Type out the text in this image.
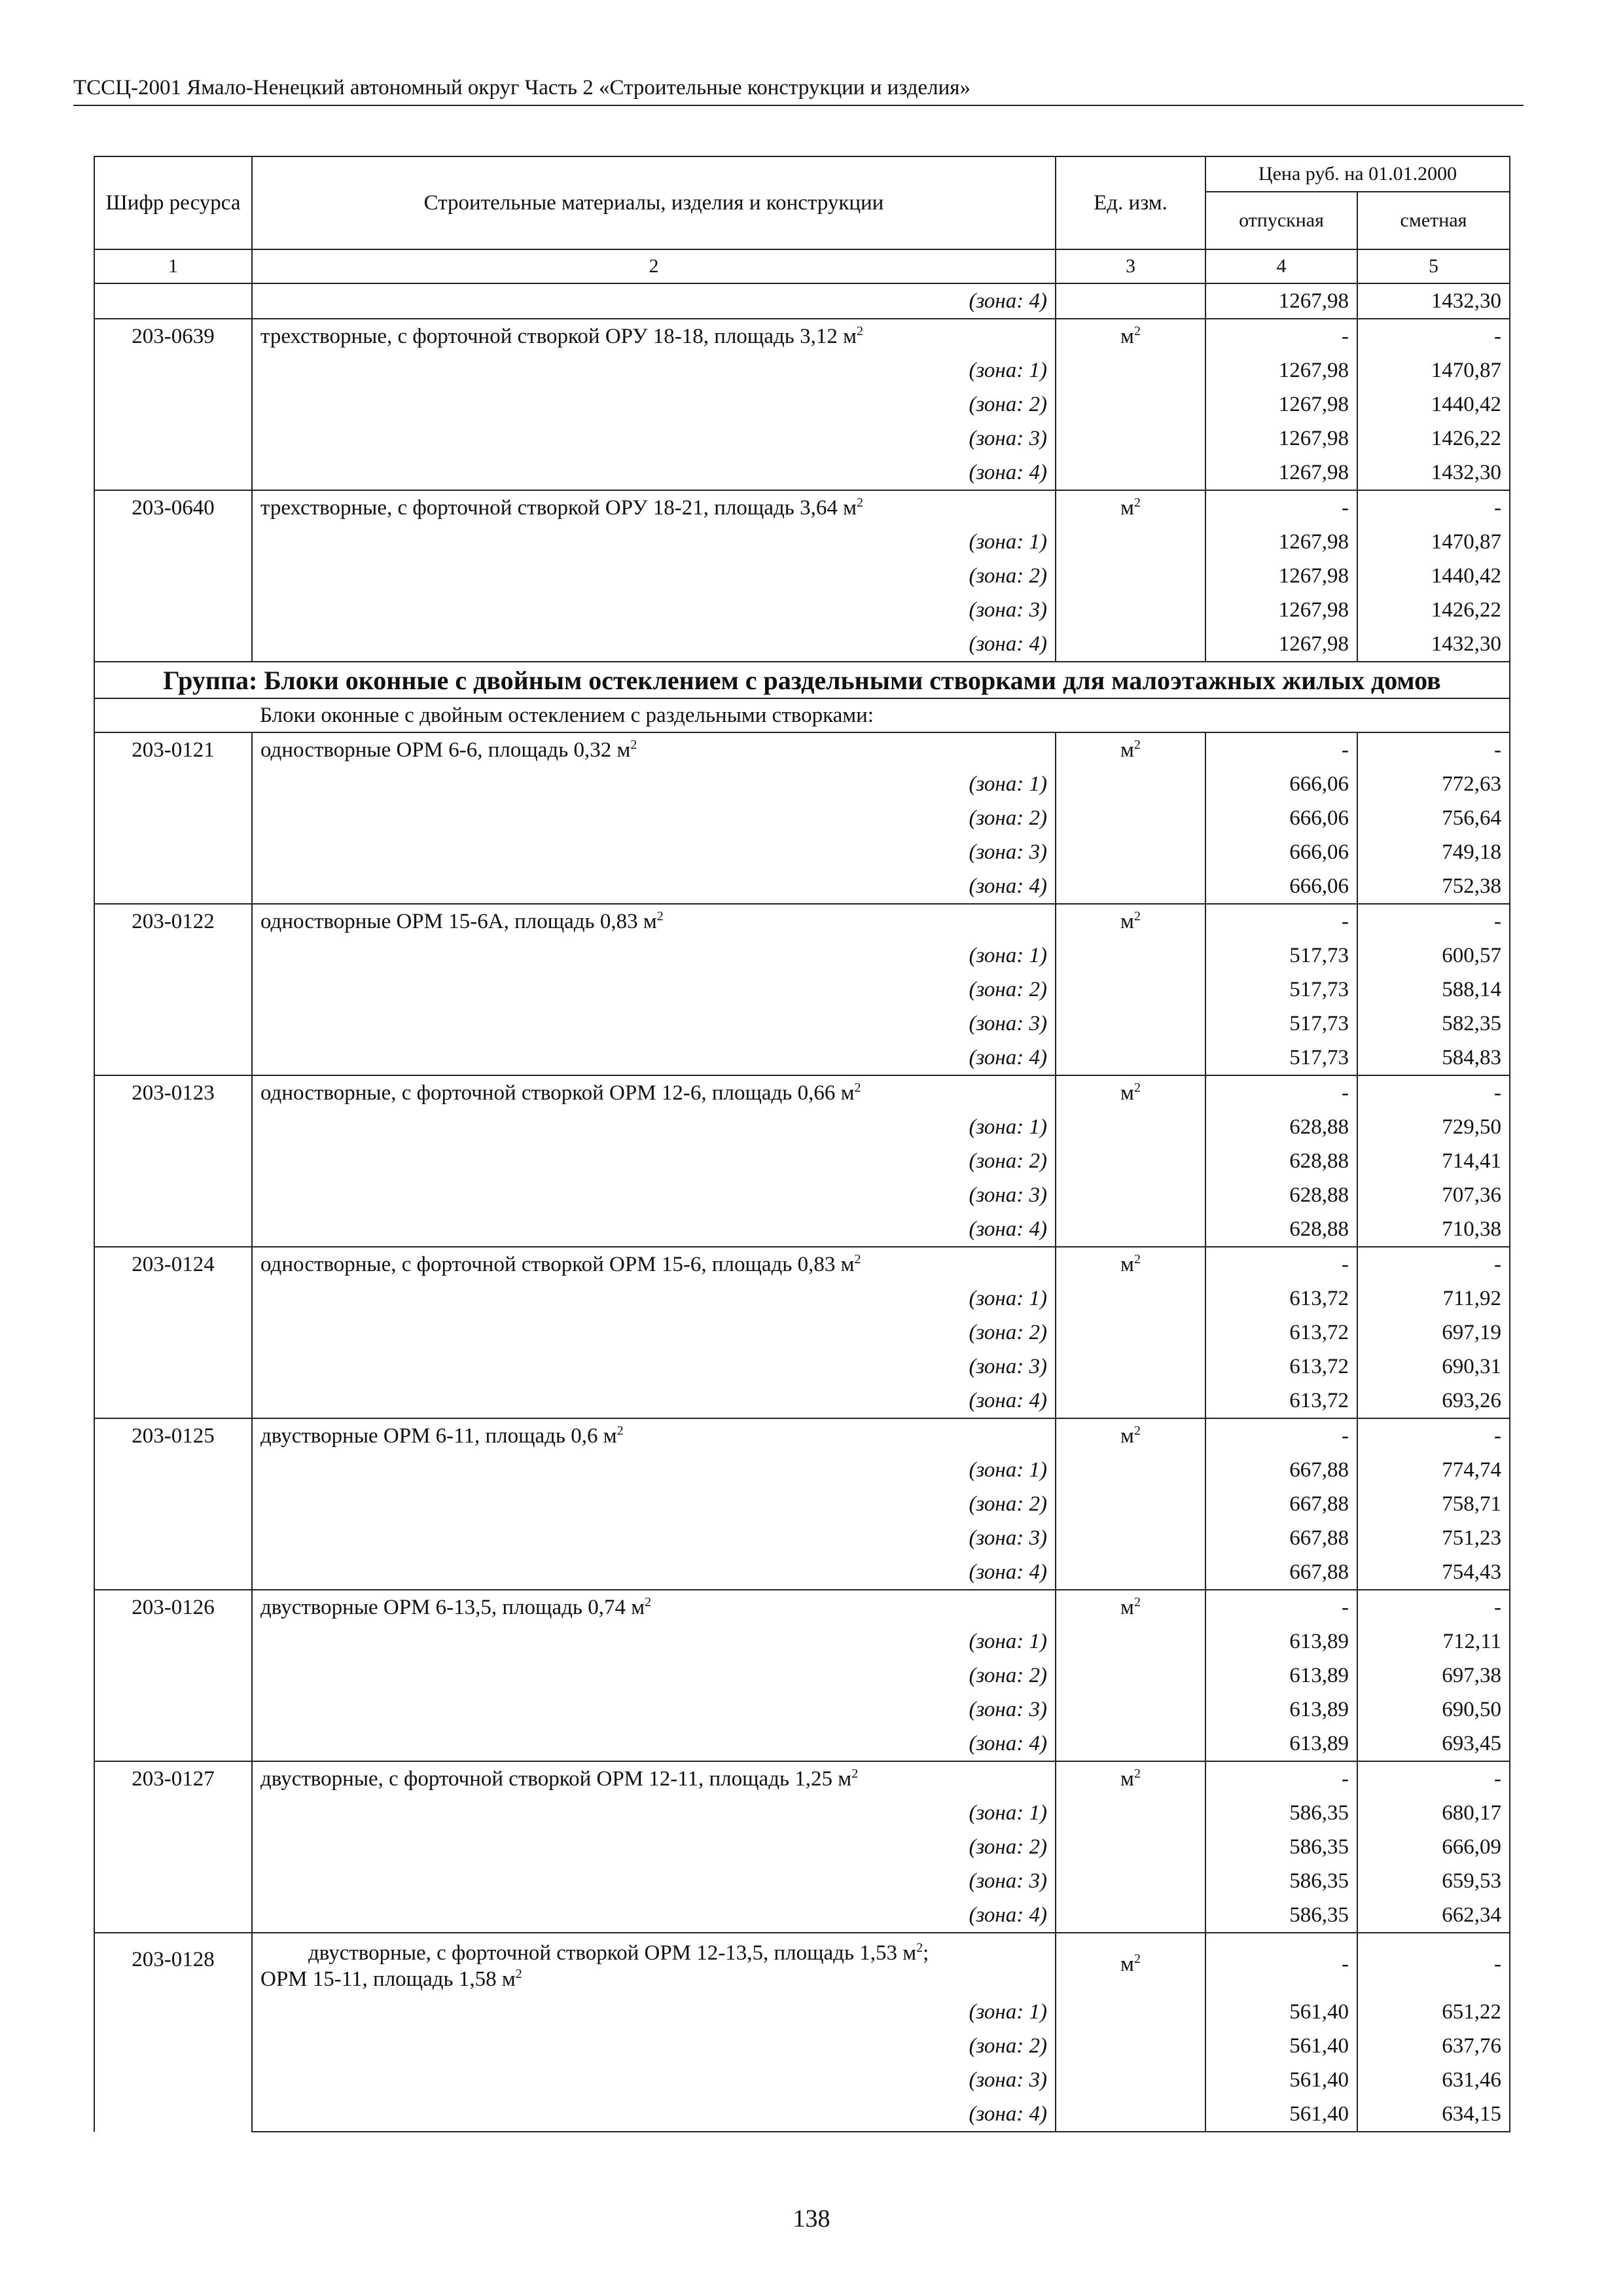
ТССЦ-2001 Ямало-Ненецкий автономный округ Часть 2 «Строительные конструкции и изделия»
Шифр ресурса	Строительные материалы, изделия и конструкции	Ед. изм.	Цена руб. на 01.01.2000	
			отпускная	сметная
1	2	3	4	5
	(зона: 4)		1267,98	1432,30
203-0639	трехстворные, с форточной створкой ОРУ 18-18, площадь 3,12 $м^2$	$м^2$	-	-
	(зона: 1)		1267,98	1470,87
	(зона: 2)		1267,98	1440,42
	(зона: 3)		1267,98	1426,22
	(зона: 4)		1267,98	1432,30
203-0640	трехстворные, с форточной створкой ОРУ 18-21, площадь 3,64 $м^2$	$м^2$	-	-
	(зона: 1)		1267,98	1470,87
	(зона: 2)		1267,98	1440,42
	(зона: 3)		1267,98	1426,22
	(зона: 4)		1267,98	1432,30
Группа: Блоки оконные с двойным остеклением с раздельными створками для малоэтажных жилых домов				
Блоки оконные с двойным остеклением с раздельными створками:				
203-0121	одностворные ОРМ 6-6, площадь 0,32 $м^2$	$м^2$	-	-
	(зона: 1)		666,06	772,63
	(зона: 2)		666,06	756,64
	(зона: 3)		666,06	749,18
	(зона: 4)		666,06	752,38
203-0122	одностворные ОРМ 15-6А, площадь 0,83 $м^2$	$м^2$	-	-
	(зона: 1)		517,73	600,57
	(зона: 2)		517,73	588,14
	(зона: 3)		517,73	582,35
	(зона: 4)		517,73	584,83
203-0123	одностворные, с форточной створкой ОРМ 12-6, площадь 0,66 $м^2$	$м^2$	-	-
	(зона: 1)		628,88	729,50
	(зона: 2)		628,88	714,41
	(зона: 3)		628,88	707,36
	(зона: 4)		628,88	710,38
203-0124	одностворные, с форточной створкой ОРМ 15-6, площадь 0,83 $м^2$	$м^2$	-	-
	(зона: 1)		613,72	711,92
	(зона: 2)		613,72	697,19
	(зона: 3)		613,72	690,31
	(зона: 4)		613,72	693,26
203-0125	двустворные ОРМ 6-11, площадь 0,6 $м^2$	$м^2$	-	-
	(зона: 1)		667,88	774,74
	(зона: 2)		667,88	758,71
	(зона: 3)		667,88	751,23
	(зона: 4)		667,88	754,43
203-0126	двустворные ОРМ 6-13,5, площадь 0,74 $м^2$	$м^2$	-	-
	(зона: 1)		613,89	712,11
	(зона: 2)		613,89	697,38
	(зона: 3)		613,89	690,50
	(зона: 4)		613,89	693,45
203-0127	двустворные, с форточной створкой ОРМ 12-11, площадь 1,25 $м^2$	$м^2$	-	-
	(зона: 1)		586,35	680,17
	(зона: 2)		586,35	666,09
	(зона: 3)		586,35	659,53
	(зона: 4)		586,35	662,34
203-0128	двустворные, с форточной створкой ОРМ 12-13,5, площадь 1,53 $м^2$;
ОРМ 15-11, площадь 1,58 $м^2$	$м^2$	-	-
	(зона: 1)		561,40	651,22
	(зона: 2)		561,40	637,76
	(зона: 3)		561,40	631,46
	(зона: 4)		561,40	634,15
138
